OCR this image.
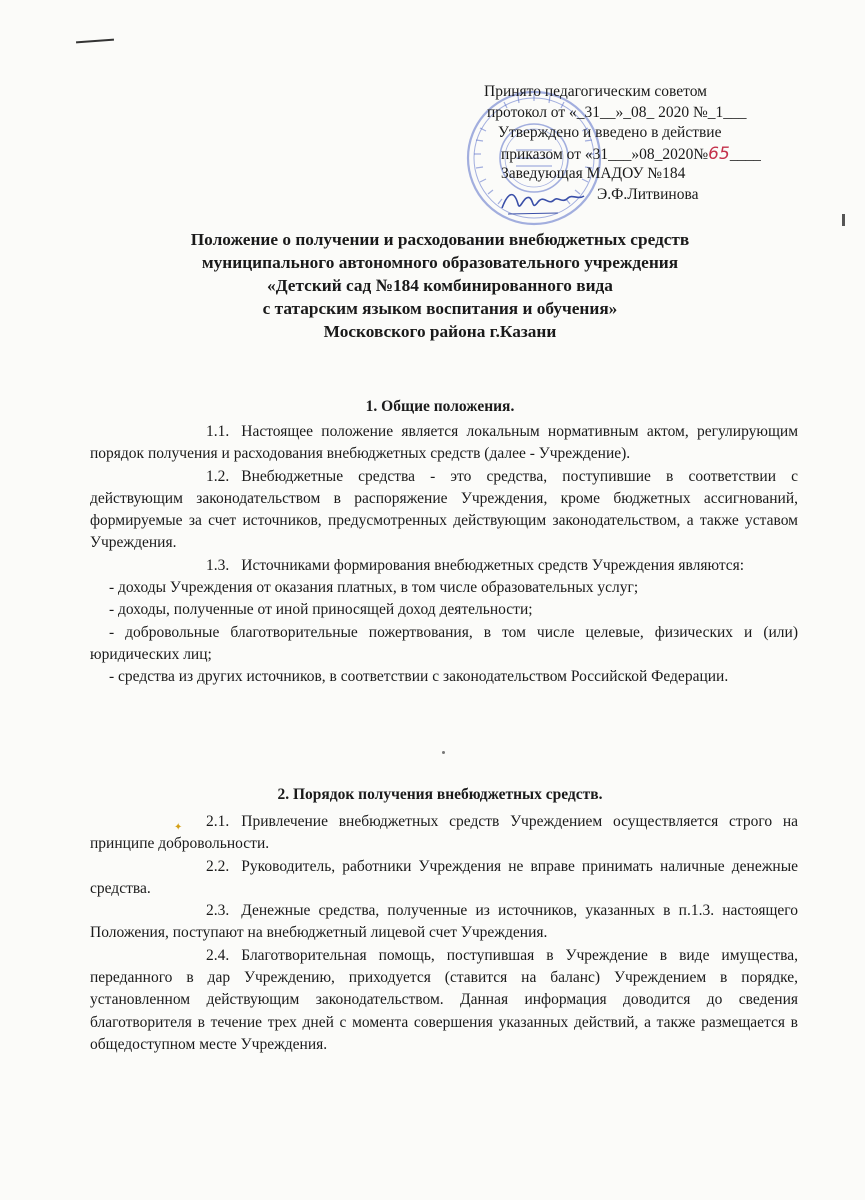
Принято педагогическим советом
протокол от «_31__»_08_ 2020 №_1___
Утверждено и введено в действие
приказом от «31___»08_2020№65____
Заведующая МАДОУ №184
Э.Ф.Литвинова
Положение о получении и расходовании внебюджетных средств
муниципального автономного образовательного учреждения
«Детский сад №184 комбинированного вида
с татарским языком воспитания и обучения»
Московского района г.Казани
1. Общие положения.

1.1. Настоящее положение является локальным нормативным актом, регулирующим порядок получения и расходования внебюджетных средств (далее - Учреждение).

1.2. Внебюджетные средства - это средства, поступившие в соответствии с действующим законодательством в распоряжение Учреждения, кроме бюджетных ассигнований, формируемые за счет источников, предусмотренных действующим законодательством, а также уставом Учреждения.

1.3. Источниками формирования внебюджетных средств Учреждения являются:

- доходы Учреждения от оказания платных, в том числе образовательных услуг;

- доходы, полученные от иной приносящей доход деятельности;

- добровольные благотворительные пожертвования, в том числе целевые, физических и (или) юридических лиц;

- средства из других источников, в соответствии с законодательством Российской Федерации.

2. Порядок получения внебюджетных средств.
✦	2.1. Привлечение внебюджетных средств Учреждением осуществляется строго на принципе добровольности.

2.2. Руководитель, работники Учреждения не вправе принимать наличные денежные средства.

2.3. Денежные средства, полученные из источников, указанных в п.1.3. настоящего Положения, поступают на внебюджетный лицевой счет Учреждения.

2.4. Благотворительная помощь, поступившая в Учреждение в виде имущества, переданного в дар Учреждению, приходуется (ставится на баланс) Учреждением в порядке, установленном действующим законодательством. Данная информация доводится до сведения благотворителя в течение трех дней с момента совершения указанных действий, а также размещается в общедоступном месте Учреждения.
